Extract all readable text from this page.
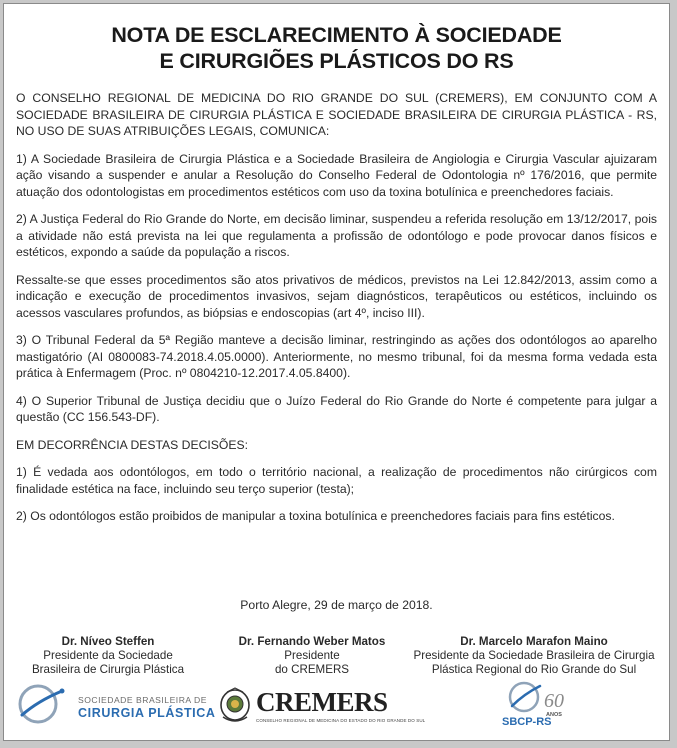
NOTA DE ESCLARECIMENTO À SOCIEDADE
E CIRURGIÕES PLÁSTICOS DO RS

O CONSELHO REGIONAL DE MEDICINA DO RIO GRANDE DO SUL (CREMERS), EM CONJUNTO COM A SOCIEDADE BRASILEIRA DE CIRURGIA PLÁSTICA E SOCIEDADE BRASILEIRA DE CIRURGIA PLÁSTICA - RS, NO USO DE SUAS ATRIBUIÇÕES LEGAIS, COMUNICA:

1) A Sociedade Brasileira de Cirurgia Plástica e a Sociedade Brasileira de Angiologia e Cirurgia Vascular ajuizaram ação visando a suspender e anular a Resolução do Conselho Federal de Odontologia nº 176/2016, que permite atuação dos odontologistas em procedimentos estéticos com uso da toxina botulínica e preenchedores faciais.

2) A Justiça Federal do Rio Grande do Norte, em decisão liminar, suspendeu a referida resolução em 13/12/2017, pois a atividade não está prevista na lei que regulamenta a profissão de odontólogo e pode provocar danos físicos e estéticos, expondo a saúde da população a riscos.

Ressalte-se que esses procedimentos são atos privativos de médicos, previstos na Lei 12.842/2013, assim como a indicação e execução de procedimentos invasivos, sejam diagnósticos, terapêuticos ou estéticos, incluindo os acessos vasculares profundos, as biópsias e endoscopias (art 4º, inciso III).

3) O Tribunal Federal da 5ª Região manteve a decisão liminar, restringindo as ações dos odontólogos ao aparelho mastigatório (AI 0800083-74.2018.4.05.0000). Anteriormente, no mesmo tribunal, foi da mesma forma vedada esta prática à Enfermagem (Proc. nº 0804210-12.2017.4.05.8400).

4) O Superior Tribunal de Justiça decidiu que o Juízo Federal do Rio Grande do Norte é competente para julgar a questão (CC 156.543-DF).

EM DECORRÊNCIA DESTAS DECISÕES:

1) É vedada aos odontólogos, em todo o território nacional, a realização de procedimentos não cirúrgicos com finalidade estética na face, incluindo seu terço superior (testa);

2) Os odontólogos estão proibidos de manipular a toxina botulínica e preenchedores faciais para fins estéticos.

Porto Alegre, 29 de março de 2018.
Dr. Níveo Steffen
Presidente da Sociedade
Brasileira de Cirurgia Plástica
Dr. Fernando Weber Matos
Presidente
do CREMERS
Dr. Marcelo Marafon Maino
Presidente da Sociedade Brasileira de Cirurgia
Plástica Regional do Rio Grande do Sul
SOCIEDADE BRASILEIRA DE
CIRURGIA PLÁSTICA CREMERS
CONSELHO REGIONAL DE MEDICINA DO ESTADO DO RIO GRANDE DO SUL
60
ANOS
SBCP-RS
